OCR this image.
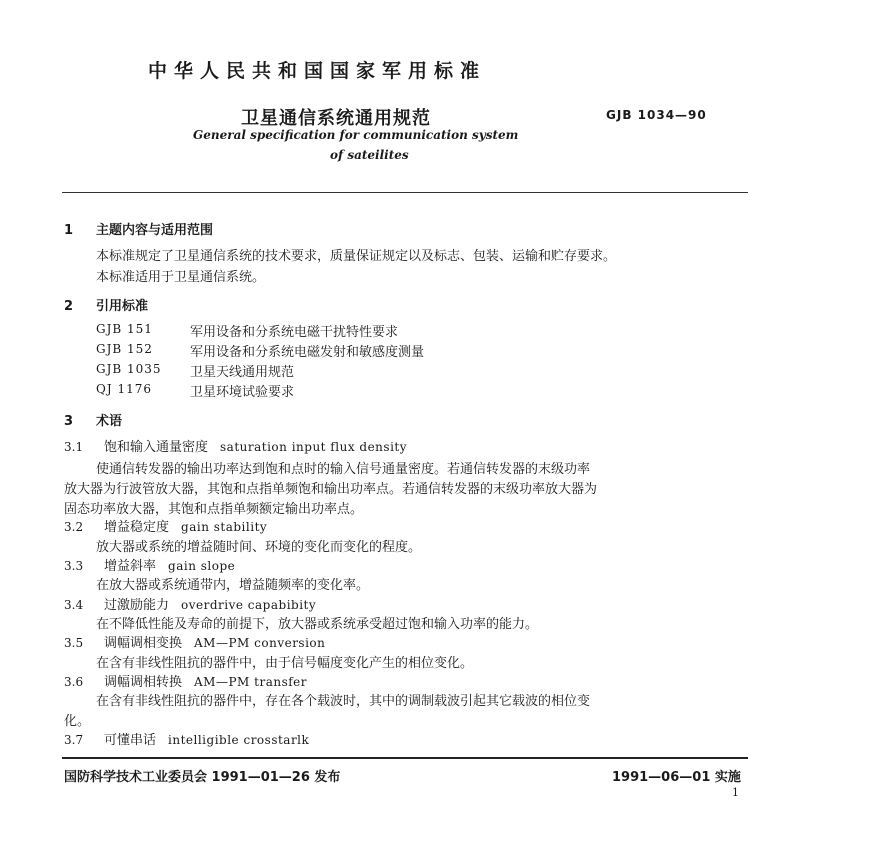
中华人民共和国国家军用标准
卫星通信系统通用规范	GJB 1034—90
General specification for communication system
of sateilites
1 主题内容与适用范围
本标准规定了卫星通信系统的技术要求，质量保证规定以及标志、包装、运输和贮存要求。
本标准适用于卫星通信系统。
2 引用标准
GJB 151	军用设备和分系统电磁干扰特性要求
GJB 152	军用设备和分系统电磁发射和敏感度测量
GJB 1035 卫星天线通用规范
QJ 1176	卫星环境试验要求
3 术语
3.1 饱和输入通量密度 saturation input flux density
使通信转发器的输出功率达到饱和点时的输入信号通量密度。若通信转发器的末级功率
放大器为行波管放大器，其饱和点指单频饱和输出功率点。若通信转发器的末级功率放大器为
固态功率放大器，其饱和点指单频额定输出功率点。
3.2 增益稳定度 gain stability
放大器或系统的增益随时间、环境的变化而变化的程度。
3.3 增益斜率 gain slope
在放大器或系统通带内，增益随频率的变化率。
3.4 过激励能力 overdrive capabibity
在不降低性能及寿命的前提下，放大器或系统承受超过饱和输入功率的能力。
3.5 调幅调相变换 AM—PM conversion
在含有非线性阻抗的器件中，由于信号幅度变化产生的相位变化。
3.6 调幅调相转换 AM—PM transfer
在含有非线性阻抗的器件中，存在各个载波时，其中的调制载波引起其它载波的相位变
化。
3.7 可懂串话 intelligible crosstarlk
国防科学技术工业委员会 1991—01—26 发布	1991—06—01 实施
1
